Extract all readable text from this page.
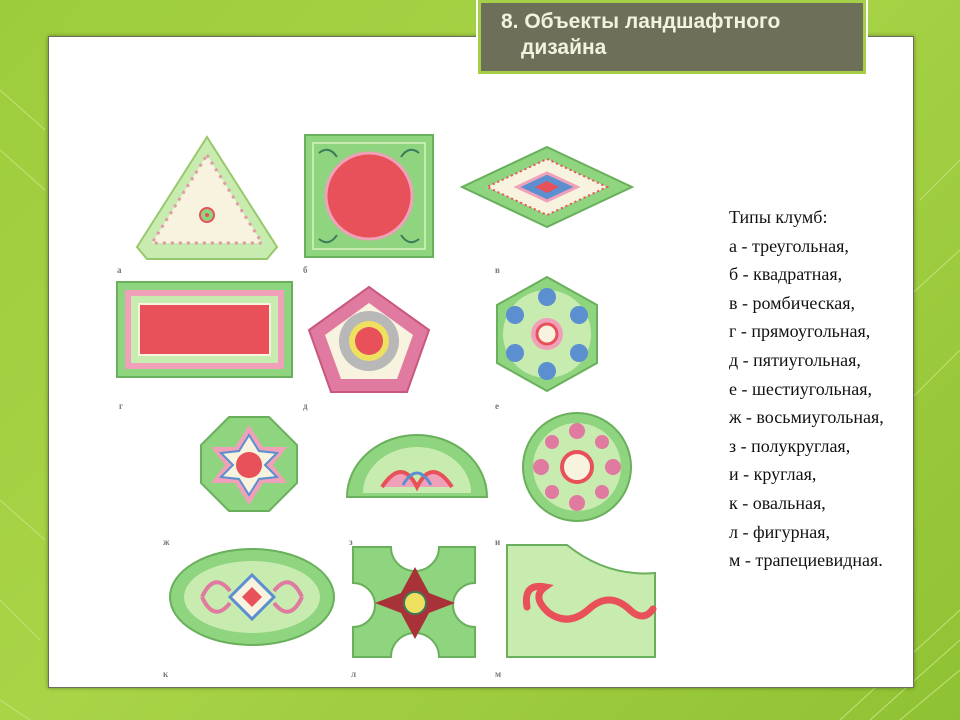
а	б	в
г	д	е
ж	з	и
к	л	м
Типы клумб:
а - треугольная,
б - квадратная,
в - ромбическая,
г - прямоугольная,
д - пятиугольная,
е - шестиугольная,
ж - восьмиугольная,
з - полукруглая,
и - круглая,
к - овальная,
л - фигурная,
м - трапециевидная.
8. Объекты ландшафтного
дизайна
